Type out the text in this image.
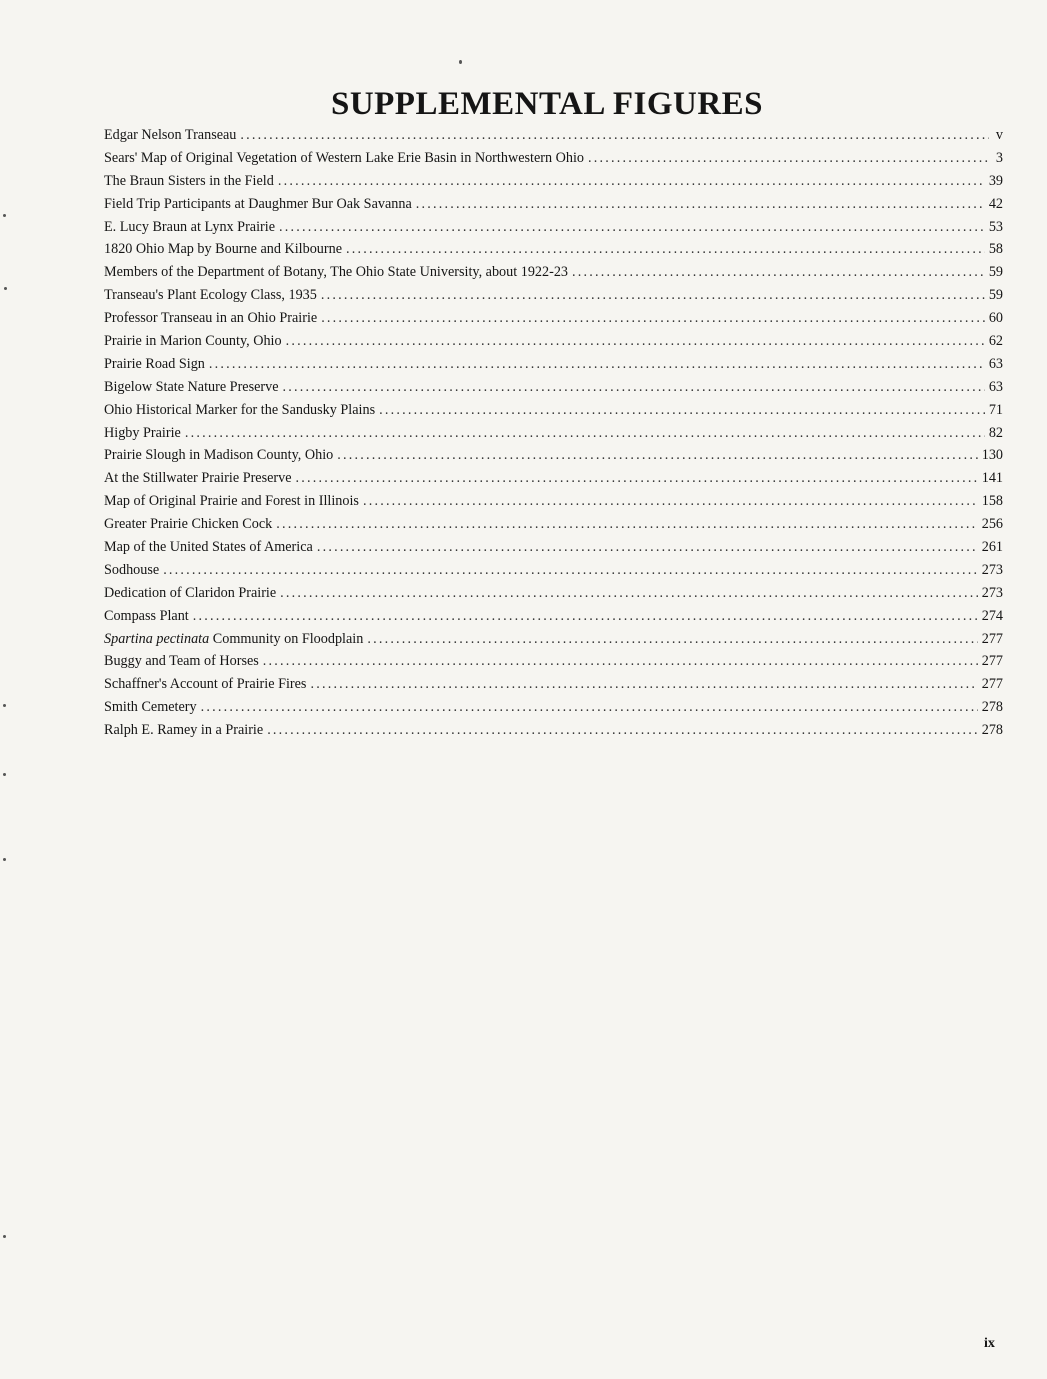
SUPPLEMENTAL FIGURES
Edgar Nelson Transeau .....	v
Sears' Map of Original Vegetation of Western Lake Erie Basin in Northwestern Ohio .....	3
The Braun Sisters in the Field .....	39
Field Trip Participants at Daughmer Bur Oak Savanna .....	42
E. Lucy Braun at Lynx Prairie .....	53
1820 Ohio Map by Bourne and Kilbourne .....	58
Members of the Department of Botany, The Ohio State University, about 1922-23 .....	59
Transeau's Plant Ecology Class, 1935 .....	59
Professor Transeau in an Ohio Prairie .....	60
Prairie in Marion County, Ohio .....	62
Prairie Road Sign .....	63
Bigelow State Nature Preserve .....	63
Ohio Historical Marker for the Sandusky Plains .....	71
Higby Prairie .....	82
Prairie Slough in Madison County, Ohio .....	130
At the Stillwater Prairie Preserve .....	141
Map of Original Prairie and Forest in Illinois .....	158
Greater Prairie Chicken Cock .....	256
Map of the United States of America .....	261
Sodhouse .....	273
Dedication of Claridon Prairie .....	273
Compass Plant .....	274
Spartina pectinata Community on Floodplain .....	277
Buggy and Team of Horses .....	277
Schaffner's Account of Prairie Fires .....	277
Smith Cemetery .....	278
Ralph E. Ramey in a Prairie .....	278
ix
